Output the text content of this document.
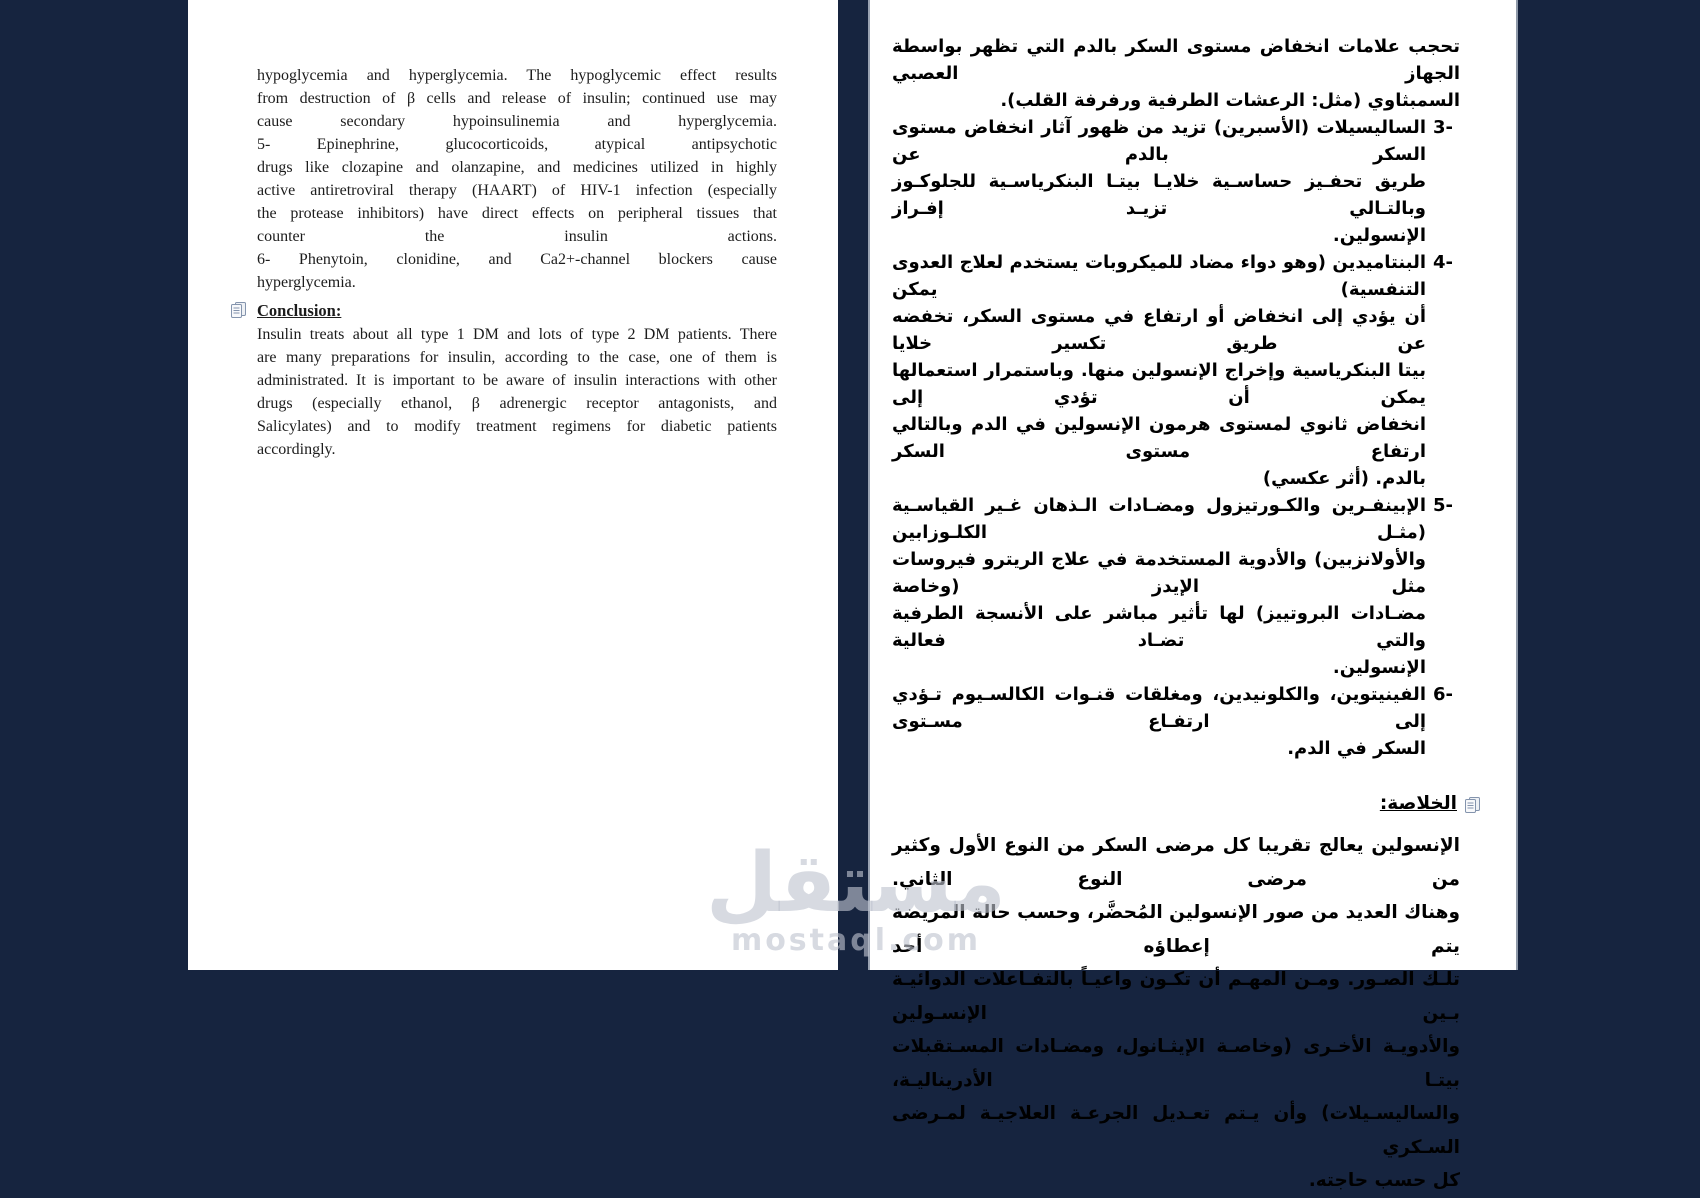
hypoglycemia and hyperglycemia. The hypoglycemic effect results
from destruction of β cells and release of insulin; continued use may
cause secondary hypoinsulinemia and hyperglycemia.
5- Epinephrine, glucocorticoids, atypical antipsychotic
drugs like clozapine and olanzapine, and medicines utilized in highly
active antiretroviral therapy (HAART) of HIV-1 infection (especially
the protease inhibitors) have direct effects on peripheral tissues that
counter the insulin actions.
6- Phenytoin, clonidine, and Ca2+-channel blockers cause
hyperglycemia.
Conclusion:
Insulin treats about all type 1 DM and lots of type 2 DM patients. There
are many preparations for insulin, according to the case, one of them is
administrated. It is important to be aware of insulin interactions with other
drugs (especially ethanol, β adrenergic receptor antagonists, and
Salicylates) and to modify treatment regimens for diabetic patients
accordingly.
تحجب علامات انخفاض مستوى السكر بالدم التي تظهر بواسطة الجهاز العصبي
السمبثاوي (مثل: الرعشات الطرفية ورفرفة القلب).
3-
الساليسيلات (الأسبرين) تزيد من ظهور آثار انخفاض مستوى السكر بالدم عن
طريق تحفـيز حساسـية خلايـا بيتـا البنكرياسـية للجلوكـوز وبالتـالي تزيـد إفـراز
الإنسولين.
4-
البنتاميدين (وهو دواء مضاد للميكروبات يستخدم لعلاج العدوى التنفسية) يمكن
أن يؤدي إلى انخفاض أو ارتفاع في مستوى السكر، تخفضه عن طريق تكسير خلايا
بيتا البنكرياسية وإخراج الإنسولين منها. وباستمرار استعمالها يمكن أن تؤدي إلى
انخفاض ثانوي لمستوى هرمون الإنسولين في الدم وبالتالي ارتفاع مستوى السكر
بالدم. (أثر عكسي)
5-
الإبينفـرين والكـورتيزول ومضـادات الـذهان غـير القياسـية (مثـل الكلـوزابين
والأولانزبين) والأدوية المستخدمة في علاج الريترو فيروسات مثل الإيدز (وخاصة
مضـادات البروتييز) لها تأثير مباشر على الأنسجة الطرفية والتي تضـاد فعالية
الإنسولين.
6-
الفينيتوين، والكلونيدين، ومغلقات قنـوات الكالسـيوم تـؤدي إلى ارتفـاع مسـتوى
السكر في الدم.
الخلاصة:
الإنسولين يعالج تقريبا كل مرضى السكر من النوع الأول وكثير من مرضى النوع الثاني.
وهناك العديد من صور الإنسولين المُحضَّر، وحسب حالة المريضة يتم إعطاؤه أحد
تلـك الصـور. ومـن المهـم أن تكـون واعيـاً بالتفـاعلات الدوائيـة بـين الإنسـولين
والأدويـة الأخـرى (وخاصـة الإيثـانول، ومضـادات المسـتقبلات بيتـا الأدريناليـة،
والساليسـيلات) وأن يـتم تعـديل الجرعـة العلاجيـة لمـرضى السـكري
كل حسب حاجته.
مستقل
mostaql.com
